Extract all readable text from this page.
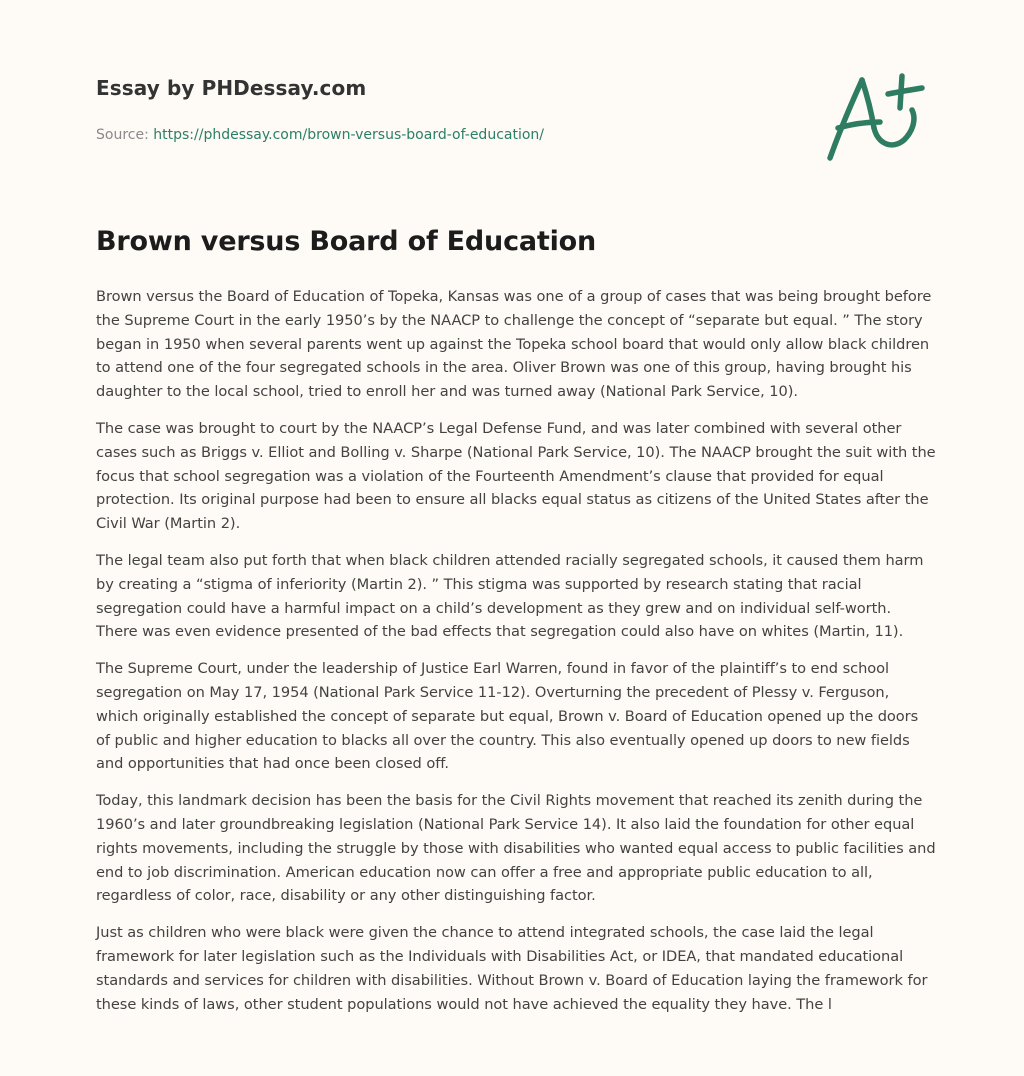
Essay by PHDessay.com
Source: https://phdessay.com/brown-versus-board-of-education/
Brown versus Board of Education

Brown versus the Board of Education of Topeka, Kansas was one of a group of cases that was being brought before the Supreme Court in the early 1950’s by the NAACP to challenge the concept of “separate but equal. ” The story began in 1950 when several parents went up against the Topeka school board that would only allow black children to attend one of the four segregated schools in the area. Oliver Brown was one of this group, having brought his daughter to the local school, tried to enroll her and was turned away (National Park Service, 10).

The case was brought to court by the NAACP’s Legal Defense Fund, and was later combined with several other cases such as Briggs v. Elliot and Bolling v. Sharpe (National Park Service, 10). The NAACP brought the suit with the focus that school segregation was a violation of the Fourteenth Amendment’s clause that provided for equal protection. Its original purpose had been to ensure all blacks equal status as citizens of the United States after the Civil War (Martin 2).

The legal team also put forth that when black children attended racially segregated schools, it caused them harm by creating a “stigma of inferiority (Martin 2). ” This stigma was supported by research stating that racial segregation could have a harmful impact on a child’s development as they grew and on individual self-worth. There was even evidence presented of the bad effects that segregation could also have on whites (Martin, 11).

The Supreme Court, under the leadership of Justice Earl Warren, found in favor of the plaintiff’s to end school segregation on May 17, 1954 (National Park Service 11-12). Overturning the precedent of Plessy v. Ferguson, which originally established the concept of separate but equal, Brown v. Board of Education opened up the doors of public and higher education to blacks all over the country. This also eventually opened up doors to new fields and opportunities that had once been closed off.

Today, this landmark decision has been the basis for the Civil Rights movement that reached its zenith during the 1960’s and later groundbreaking legislation (National Park Service 14). It also laid the foundation for other equal rights movements, including the struggle by those with disabilities who wanted equal access to public facilities and end to job discrimination. American education now can offer a free and appropriate public education to all, regardless of color, race, disability or any other distinguishing factor.

Just as children who were black were given the chance to attend integrated schools, the case laid the legal framework for later legislation such as the Individuals with Disabilities Act, or IDEA, that mandated educational standards and services for children with disabilities. Without Brown v. Board of Education laying the framework for these kinds of laws, other student populations would not have achieved the equality they have. The l
